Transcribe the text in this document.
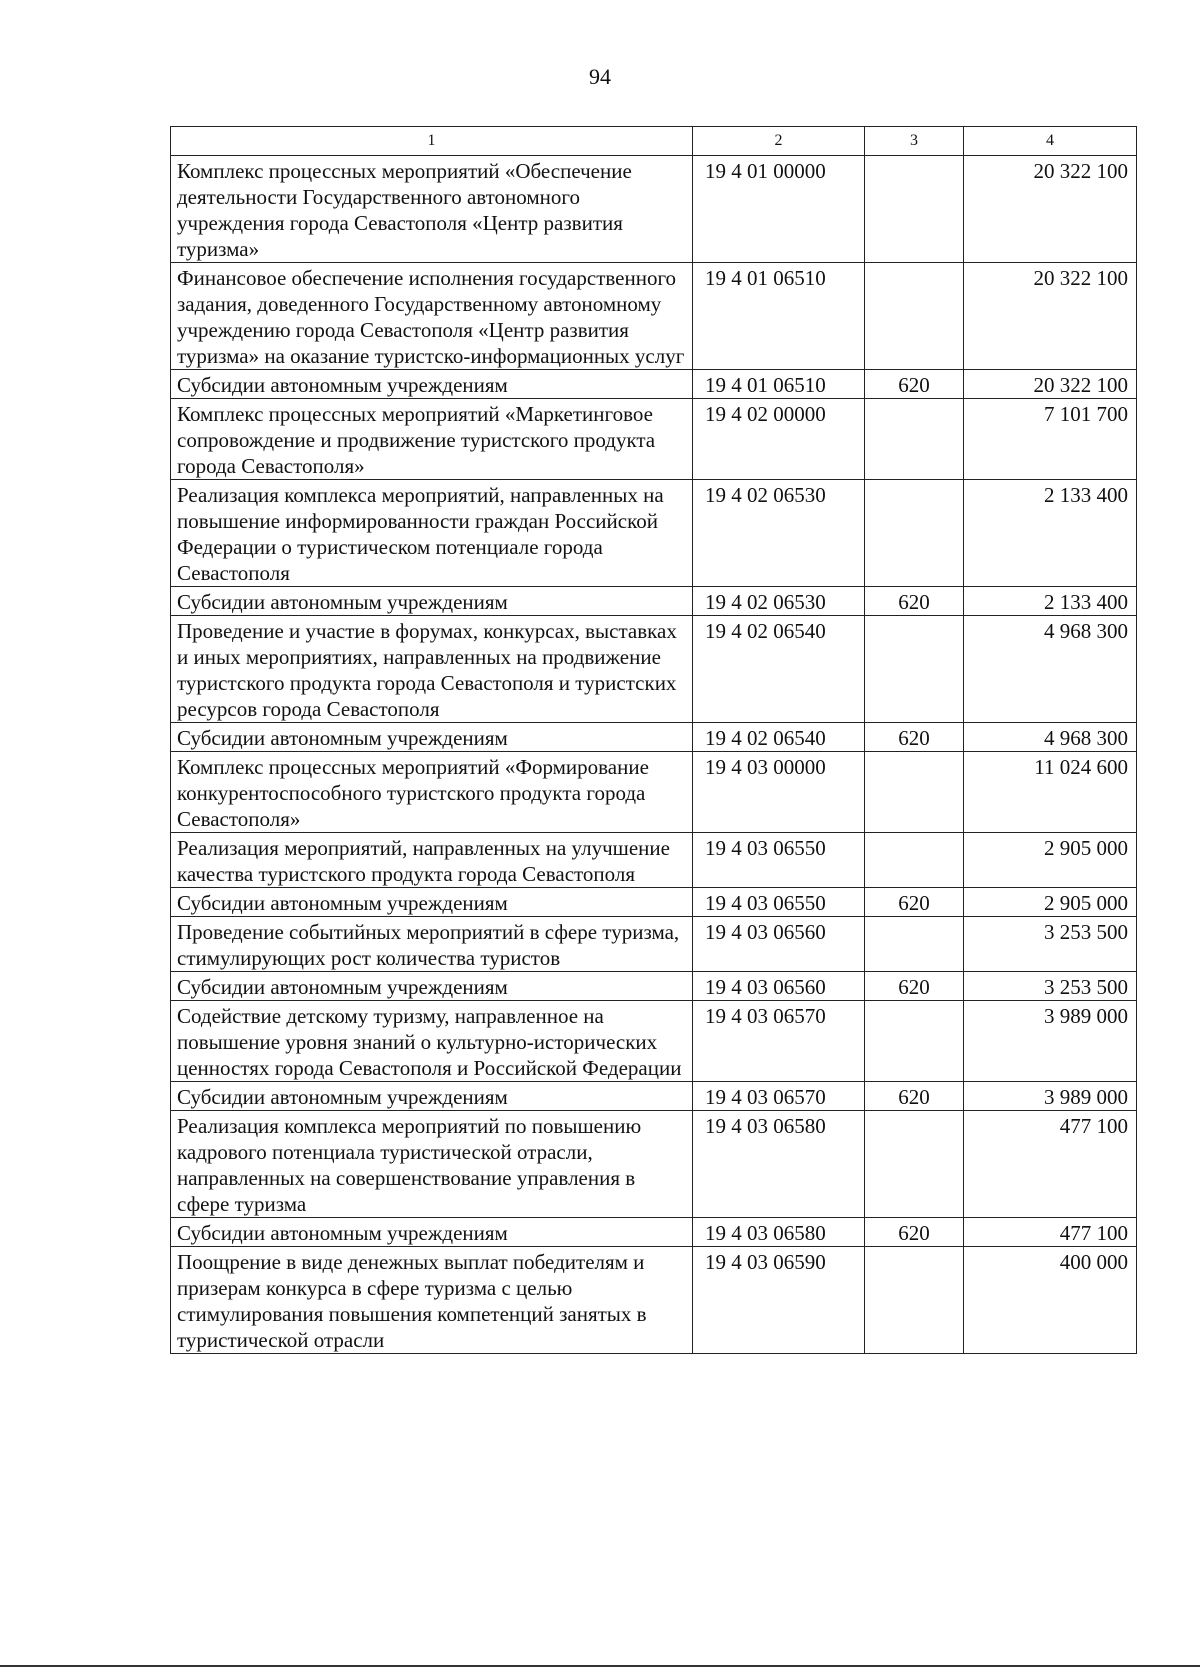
94
1	2	3	4
Комплекс процессных мероприятий «Обеспечение деятельности Государственного автономного учреждения города Севастополя «Центр развития туризма»	19 4 01 00000		20 322 100
Финансовое обеспечение исполнения государственного задания, доведенного Государственному автономному учреждению города Севастополя «Центр развития туризма» на оказание туристско-информационных услуг	19 4 01 06510		20 322 100
Субсидии автономным учреждениям	19 4 01 06510	620	20 322 100
Комплекс процессных мероприятий «Маркетинговое сопровождение и продвижение туристского продукта города Севастополя»	19 4 02 00000		7 101 700
Реализация комплекса мероприятий, направленных на повышение информированности граждан Российской Федерации о туристическом потенциале города Севастополя	19 4 02 06530		2 133 400
Субсидии автономным учреждениям	19 4 02 06530	620	2 133 400
Проведение и участие в форумах, конкурсах, выставках и иных мероприятиях, направленных на продвижение туристского продукта города Севастополя и туристских ресурсов города Севастополя	19 4 02 06540		4 968 300
Субсидии автономным учреждениям	19 4 02 06540	620	4 968 300
Комплекс процессных мероприятий «Формирование конкурентоспособного туристского продукта города Севастополя»	19 4 03 00000		11 024 600
Реализация мероприятий, направленных на улучшение качества туристского продукта города Севастополя	19 4 03 06550		2 905 000
Субсидии автономным учреждениям	19 4 03 06550	620	2 905 000
Проведение событийных мероприятий в сфере туризма, стимулирующих рост количества туристов	19 4 03 06560		3 253 500
Субсидии автономным учреждениям	19 4 03 06560	620	3 253 500
Содействие детскому туризму, направленное на повышение уровня знаний о культурно-исторических ценностях города Севастополя и Российской Федерации	19 4 03 06570		3 989 000
Субсидии автономным учреждениям	19 4 03 06570	620	3 989 000
Реализация комплекса мероприятий по повышению кадрового потенциала туристической отрасли, направленных на совершенствование управления в сфере туризма	19 4 03 06580		477 100
Субсидии автономным учреждениям	19 4 03 06580	620	477 100
Поощрение в виде денежных выплат победителям и призерам конкурса в сфере туризма с целью стимулирования повышения компетенций занятых в туристической отрасли	19 4 03 06590		400 000
